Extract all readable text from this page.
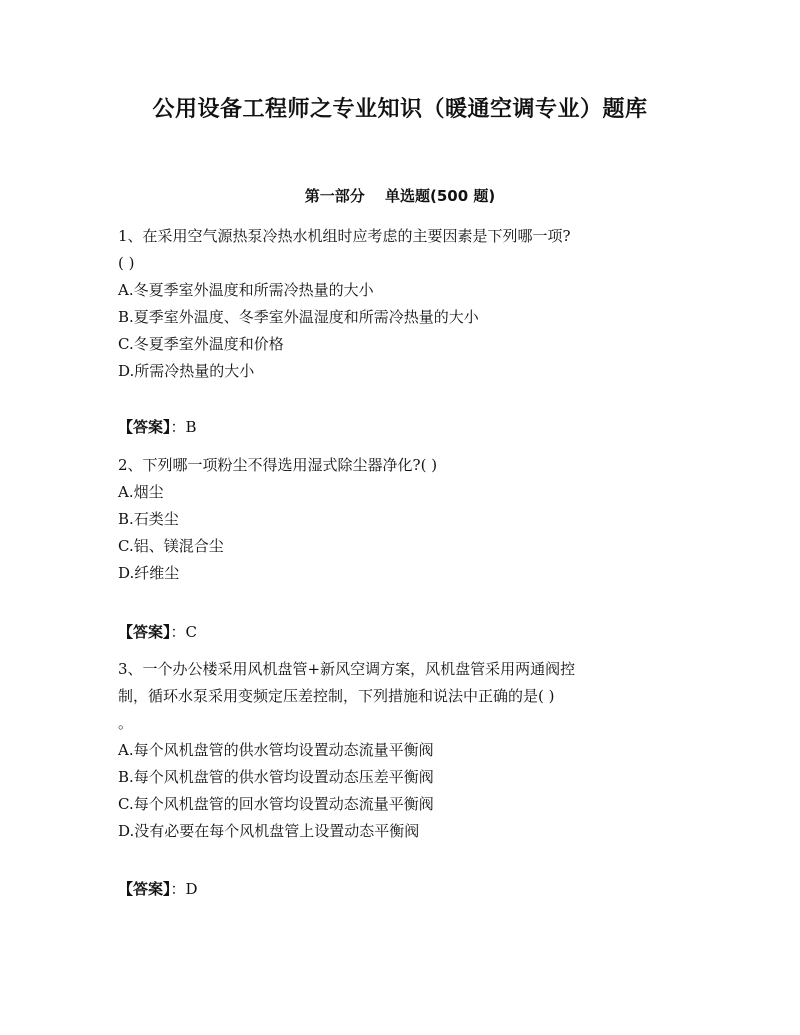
公用设备工程师之专业知识（暖通空调专业）题库
第一部分　 单选题(500 题)
1、在采用空气源热泵冷热水机组时应考虑的主要因素是下列哪一项?
( )
A.冬夏季室外温度和所需冷热量的大小
B.夏季室外温度、冬季室外温湿度和所需冷热量的大小
C.冬夏季室外温度和价格
D.所需冷热量的大小
【答案】：B
2、下列哪一项粉尘不得选用湿式除尘器净化?( )
A.烟尘
B.石类尘
C.铝、镁混合尘
D.纤维尘
【答案】：C
3、一个办公楼采用风机盘管+新风空调方案，风机盘管采用两通阀控
制，循环水泵采用变频定压差控制，下列措施和说法中正确的是( )
。
A.每个风机盘管的供水管均设置动态流量平衡阀
B.每个风机盘管的供水管均设置动态压差平衡阀
C.每个风机盘管的回水管均设置动态流量平衡阀
D.没有必要在每个风机盘管上设置动态平衡阀
【答案】：D
